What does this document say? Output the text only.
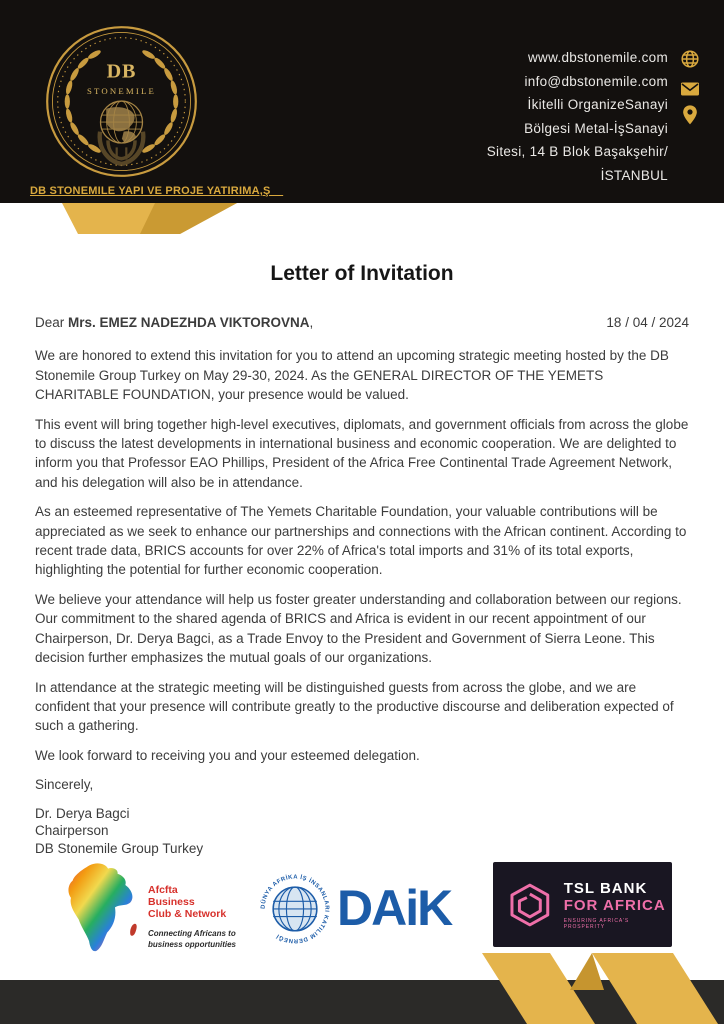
DB
STONEMILE
DB STONEMILE YAPI VE PROJE YATIRIMA,Ş__
www.dbstonemile.com
info@dbstonemile.com
İkitelli OrganizeSanayi
Bölgesi Metal-İşSanayi
Sitesi, 14 B Blok Başakşehir/
İSTANBUL
Letter of Invitation
Dear Mrs. EMEZ NADEZHDA VIKTOROVNA,	18 / 04 / 2024

We are honored to extend this invitation for you to attend an upcoming strategic meeting hosted by the DB Stonemile Group Turkey on May 29-30, 2024. As the GENERAL DIRECTOR OF THE YEMETS CHARITABLE FOUNDATION, your presence would be valued.

This event will bring together high-level executives, diplomats, and government officials from across the globe to discuss the latest developments in international business and economic cooperation. We are delighted to inform you that Professor EAO Phillips, President of the Africa Free Continental Trade Agreement Network, and his delegation will also be in attendance.

As an esteemed representative of The Yemets Charitable Foundation, your valuable contributions will be appreciated as we seek to enhance our partnerships and connections with the African continent. According to recent trade data, BRICS accounts for over 22% of Africa's total imports and 31% of its total exports, highlighting the potential for further economic cooperation.

We believe your attendance will help us foster greater understanding and collaboration between our regions. Our commitment to the shared agenda of BRICS and Africa is evident in our recent appointment of our Chairperson, Dr. Derya Bagci, as a Trade Envoy to the President and Government of Sierra Leone. This decision further emphasizes the mutual goals of our organizations.

In attendance at the strategic meeting will be distinguished guests from across the globe, and we are confident that your presence will contribute greatly to the productive discourse and deliberation expected of such a gathering.

We look forward to receiving you and your esteemed delegation.

Sincerely,

Dr. Derya Bagci
Chairperson
DB Stonemile Group Turkey
Afcfta
Business
Club & Network
Connecting Africans to
business opportunities
DÜNYA AFRİKA İŞ İNSANLARI KATILIM DERNEĞİ	DAiK	TSL BANK
FOR AFRICA
ENSURING AFRICA'S PROSPERITY
